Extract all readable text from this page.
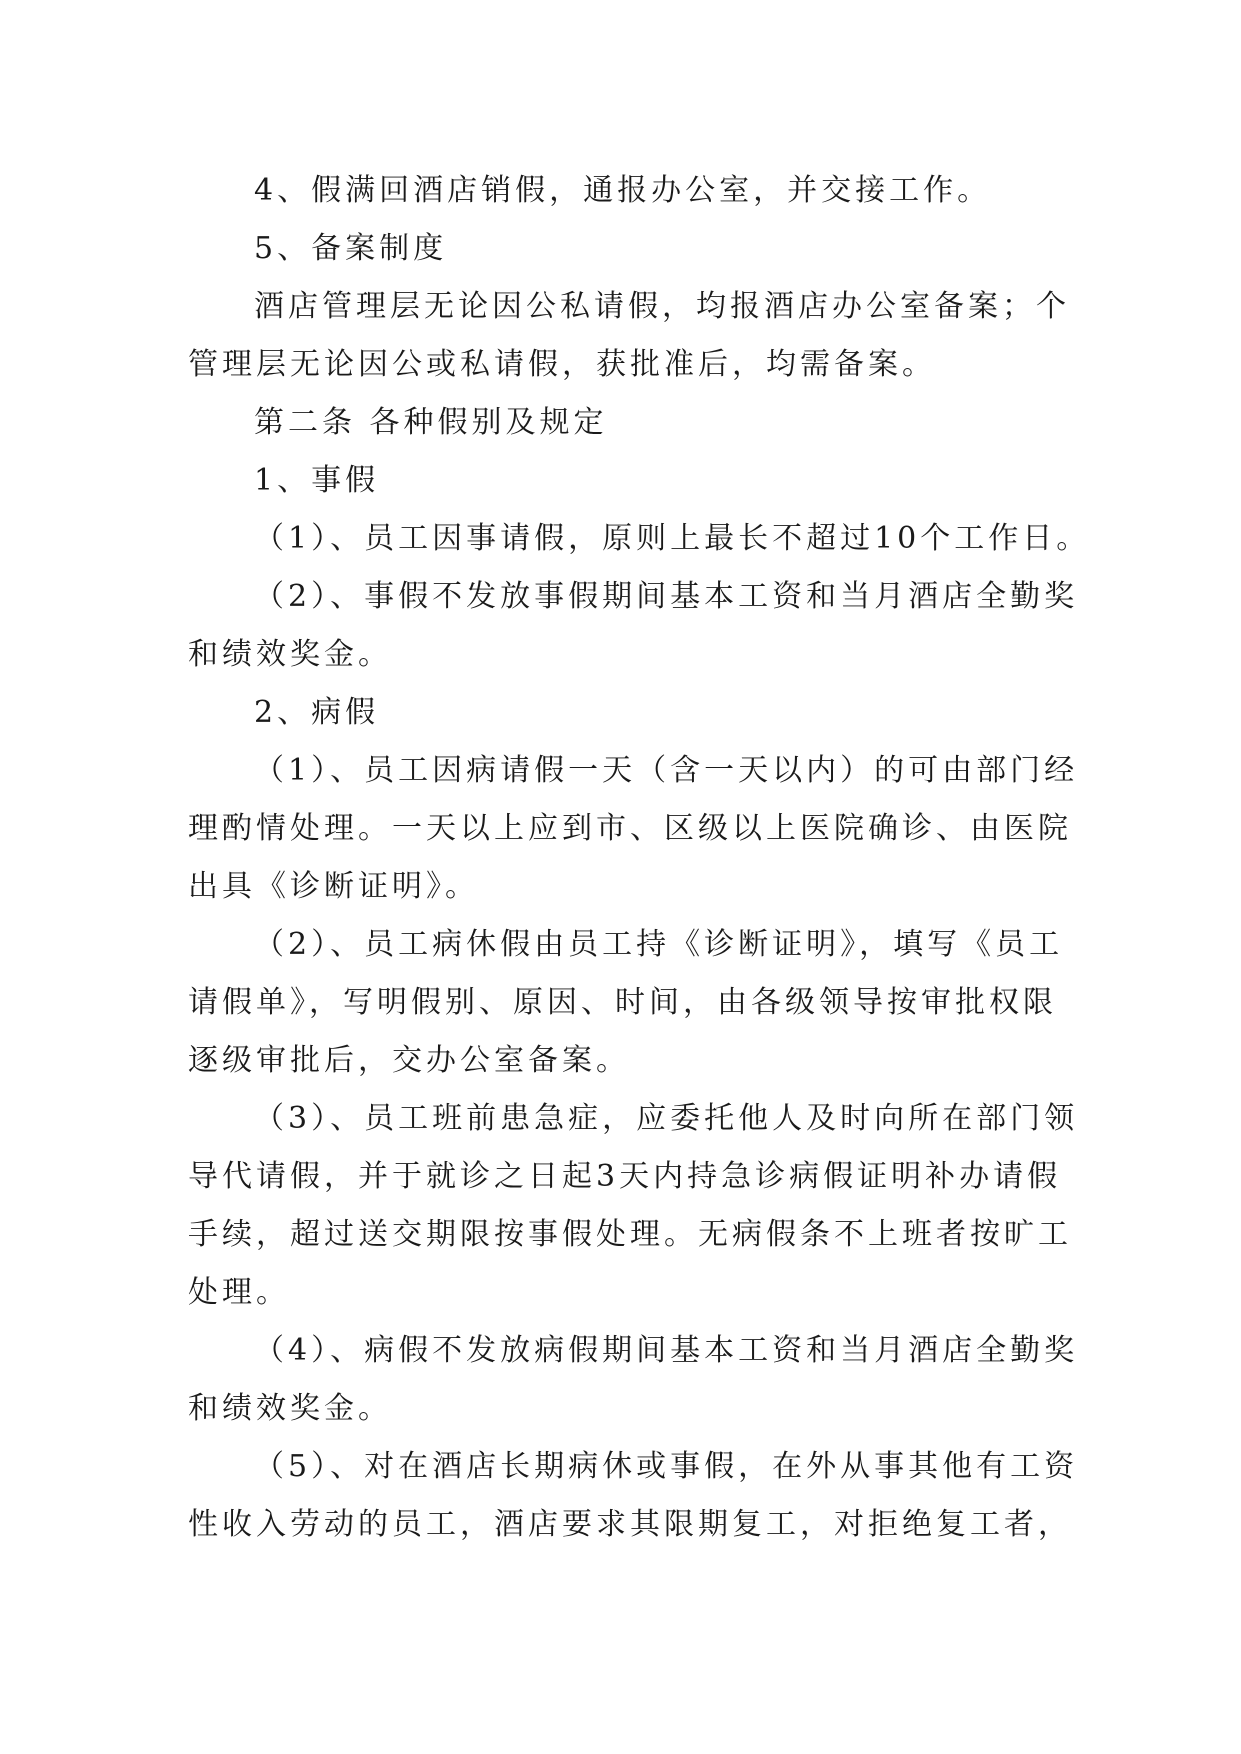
4、假满回酒店销假，通报办公室，并交接工作。

5、备案制度

酒店管理层无论因公私请假，均报酒店办公室备案；个
管理层无论因公或私请假，获批准后，均需备案。

第二条 各种假别及规定

1、事假

（1）、员工因事请假，原则上最长不超过10个工作日。

（2）、事假不发放事假期间基本工资和当月酒店全勤奖
和绩效奖金。

2、病假

（1）、员工因病请假一天（含一天以内）的可由部门经
理酌情处理。一天以上应到市、区级以上医院确诊、由医院
出具《诊断证明》。

（2）、员工病休假由员工持《诊断证明》，填写《员工
请假单》，写明假别、原因、时间，由各级领导按审批权限
逐级审批后，交办公室备案。

（3）、员工班前患急症，应委托他人及时向所在部门领
导代请假，并于就诊之日起3天内持急诊病假证明补办请假
手续，超过送交期限按事假处理。无病假条不上班者按旷工
处理。

（4）、病假不发放病假期间基本工资和当月酒店全勤奖
和绩效奖金。

（5）、对在酒店长期病休或事假，在外从事其他有工资
性收入劳动的员工，酒店要求其限期复工，对拒绝复工者，
